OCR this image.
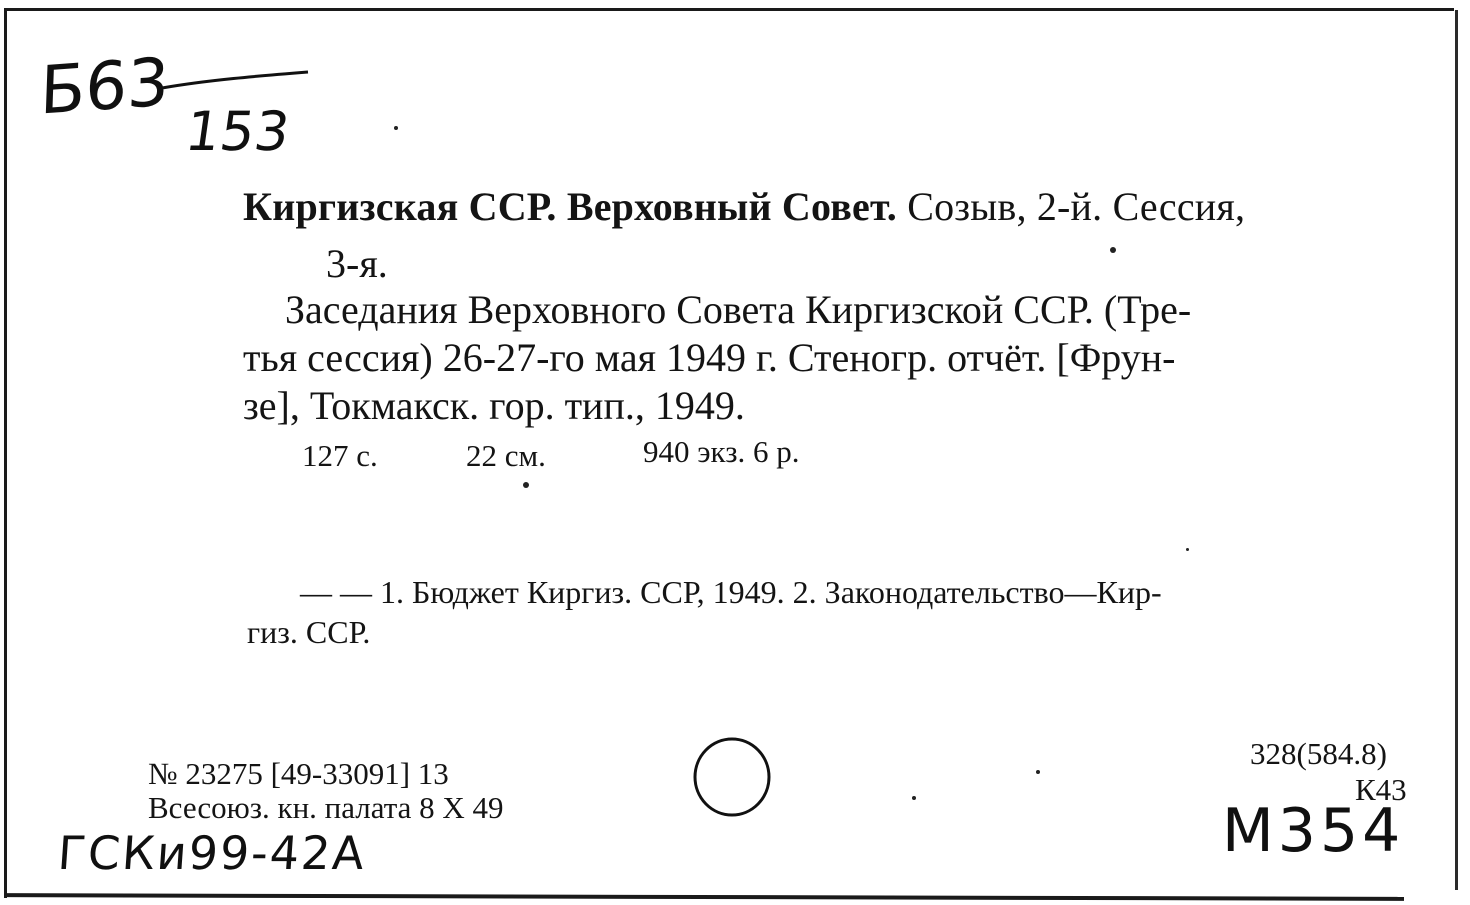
Б63
153
Киргизская ССР. Верховный Совет. Созыв, 2-й. Сессия,
3-я.
Заседания Верховного Совета Киргизской ССР. (Тре-
тья сессия) 26-27-го мая 1949 г. Стеногр. отчёт. [Фрун-
зе], Токмакск. гор. тип., 1949.
127 с.	22 см.	940 экз. 6 р.
— — 1. Бюджет Киргиз. ССР, 1949. 2. Законодательство—Кир-
гиз. ССР.
№ 23275 [49-33091] 13
Всесоюз. кн. палата 8 X 49
328(584.8)
К43
ГСКи99-42А	М354
